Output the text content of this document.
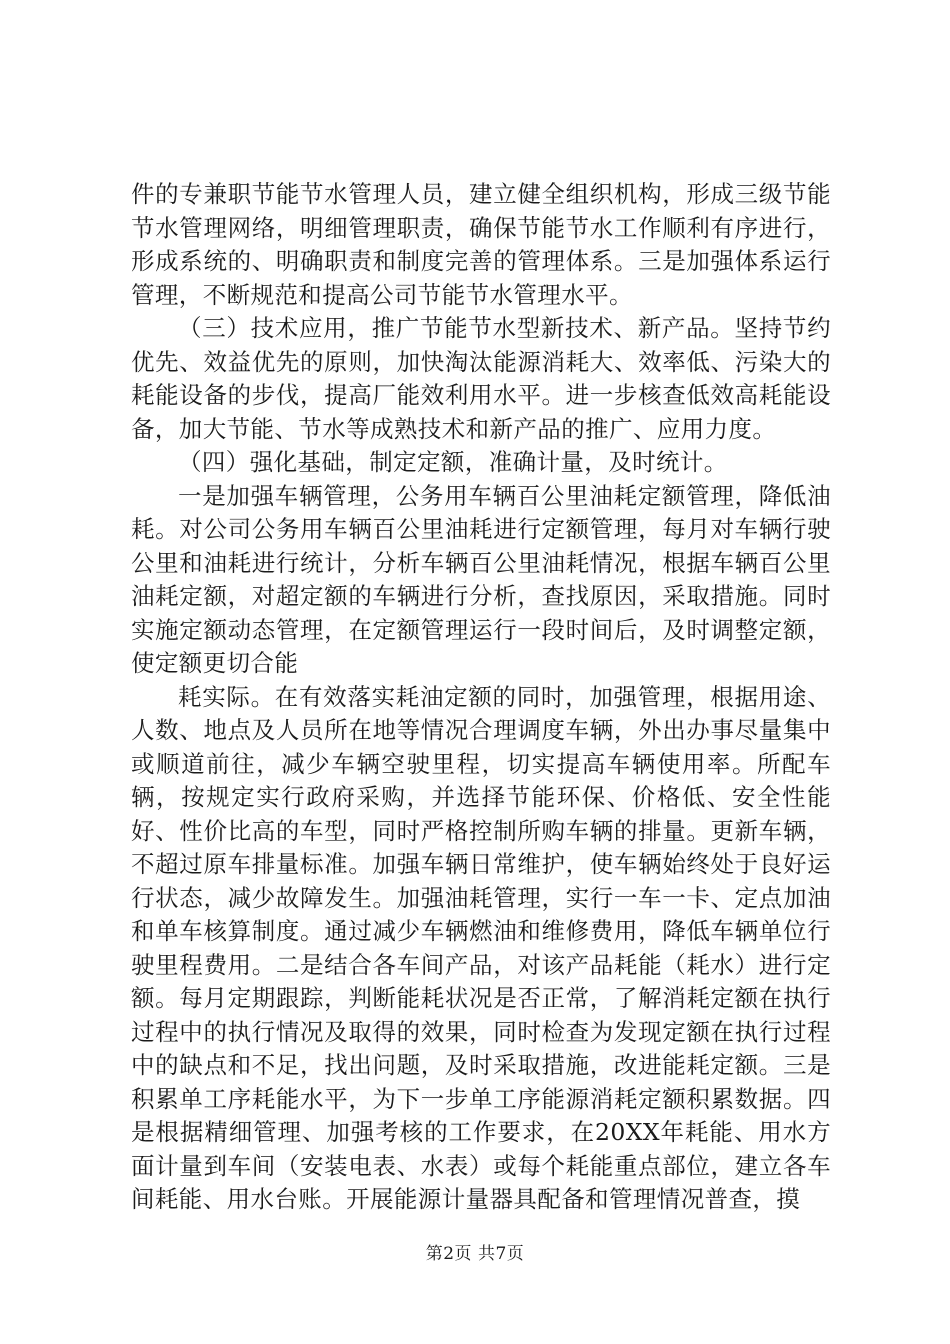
件的专兼职节能节水管理人员，建立健全组织机构，形成三级节能节水管理网络，明细管理职责，确保节能节水工作顺利有序进行，形成系统的、明确职责和制度完善的管理体系。三是加强体系运行管理，不断规范和提高公司节能节水管理水平。

（三）技术应用，推广节能节水型新技术、新产品。坚持节约优先、效益优先的原则，加快淘汰能源消耗大、效率低、污染大的耗能设备的步伐，提高厂能效利用水平。进一步核查低效高耗能设备，加大节能、节水等成熟技术和新产品的推广、应用力度。

（四）强化基础，制定定额，准确计量，及时统计。

一是加强车辆管理，公务用车辆百公里油耗定额管理，降低油耗。对公司公务用车辆百公里油耗进行定额管理，每月对车辆行驶公里和油耗进行统计，分析车辆百公里油耗情况，根据车辆百公里油耗定额，对超定额的车辆进行分析，查找原因，采取措施。同时实施定额动态管理，在定额管理运行一段时间后，及时调整定额，使定额更切合能

耗实际。在有效落实耗油定额的同时，加强管理，根据用途、人数、地点及人员所在地等情况合理调度车辆，外出办事尽量集中或顺道前往，减少车辆空驶里程，切实提高车辆使用率。所配车辆，按规定实行政府采购，并选择节能环保、价格低、安全性能好、性价比高的车型，同时严格控制所购车辆的排量。更新车辆，不超过原车排量标准。加强车辆日常维护，使车辆始终处于良好运行状态，减少故障发生。加强油耗管理，实行一车一卡、定点加油和单车核算制度。通过减少车辆燃油和维修费用，降低车辆单位行驶里程费用。二是结合各车间产品，对该产品耗能（耗水）进行定额。每月定期跟踪，判断能耗状况是否正常，了解消耗定额在执行过程中的执行情况及取得的效果，同时检查为发现定额在执行过程中的缺点和不足，找出问题，及时采取措施，改进能耗定额。三是积累单工序耗能水平，为下一步单工序能源消耗定额积累数据。四是根据精细管理、加强考核的工作要求，在20XX年耗能、用水方面计量到车间（安装电表、水表）或每个耗能重点部位，建立各车间耗能、用水台账。开展能源计量器具配备和管理情况普查，摸

第2页 共7页
